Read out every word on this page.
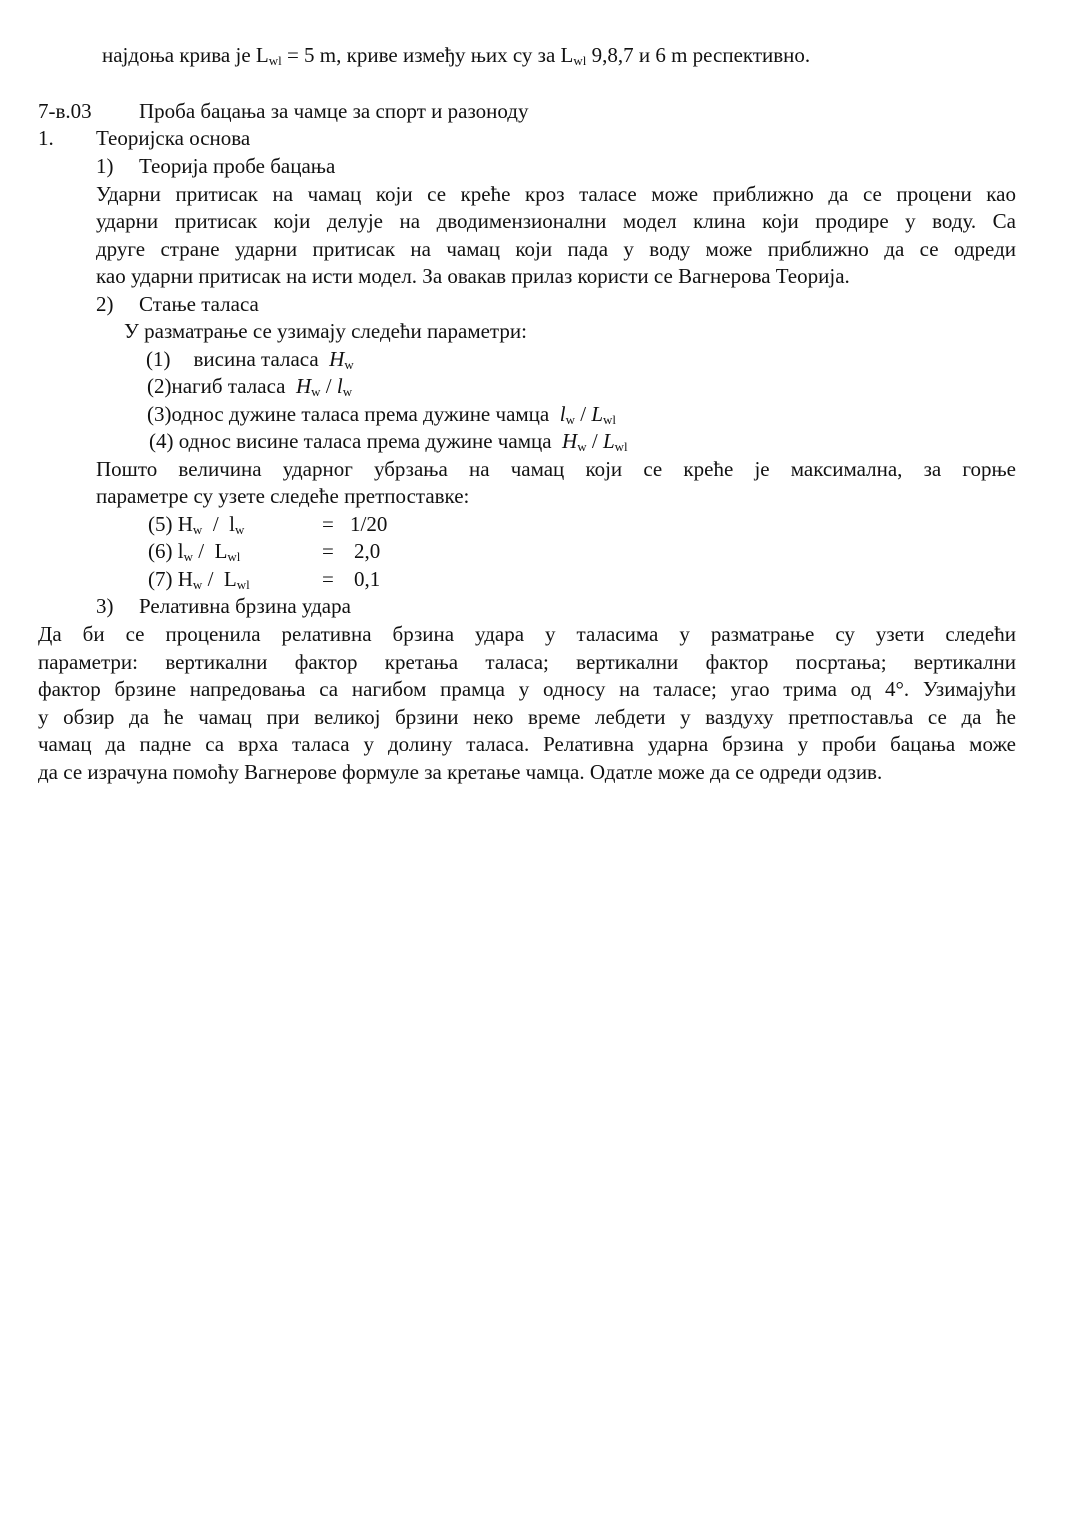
најдоња крива је $L_{wl} = 5$ m, криве између њих су за $L_{wl}$ 9,8,7 и 6 m респективно.
7-в.03 Проба бацања за чамце за спорт и разоноду
1. Теоријска основа
1) Теорија пробе бацања
Ударни притисак на чамац који се креће кроз таласе може приближно да се процени као
ударни притисак који делује на дводимензионални модел клина који продире у воду. Са
друге стране ударни притисак на чамац који пада у воду може приближно да се одреди
као ударни притисак на исти модел. За овакав прилаз користи се Вагнерова Теорија.
2) Стање таласа
У разматрање се узимају следећи параметри:
(1) висина таласа $H_w$
(2)нагиб таласа $H_w / l_w$
(3)однос дужине таласа према дужине чамца $l_w / L_{wl}$
(4) однос висине таласа према дужине чамца $H_w / L_{wl}$
Пошто величина ударног убрзања на чамац који се креће је максимална, за горње
параметре су узете следеће претпоставке:
(5) $H_w / l_w$	= 1/20
(6) $l_w / L_{wl}$	= 2,0
(7) $H_w / L_{wl}$	= 0,1
3) Релативна брзина удара
Да би се проценила релативна брзина удара у таласима у разматрање су узети следећи
параметри: вертикални фактор кретања таласа; вертикални фактор посртања; вертикални
фактор брзине напредовања са нагибом прамца у односу на таласе; угао трима од 4°. Узимајући
у обзир да ће чамац при великој брзини неко време лебдети у ваздуху претпоставља се да ће
чамац да падне са врха таласа у долину таласа. Релативна ударна брзина у проби бацања може
да се израчуна помоћу Вагнерове формуле за кретање чамца. Одатле може да се одреди одзив.
